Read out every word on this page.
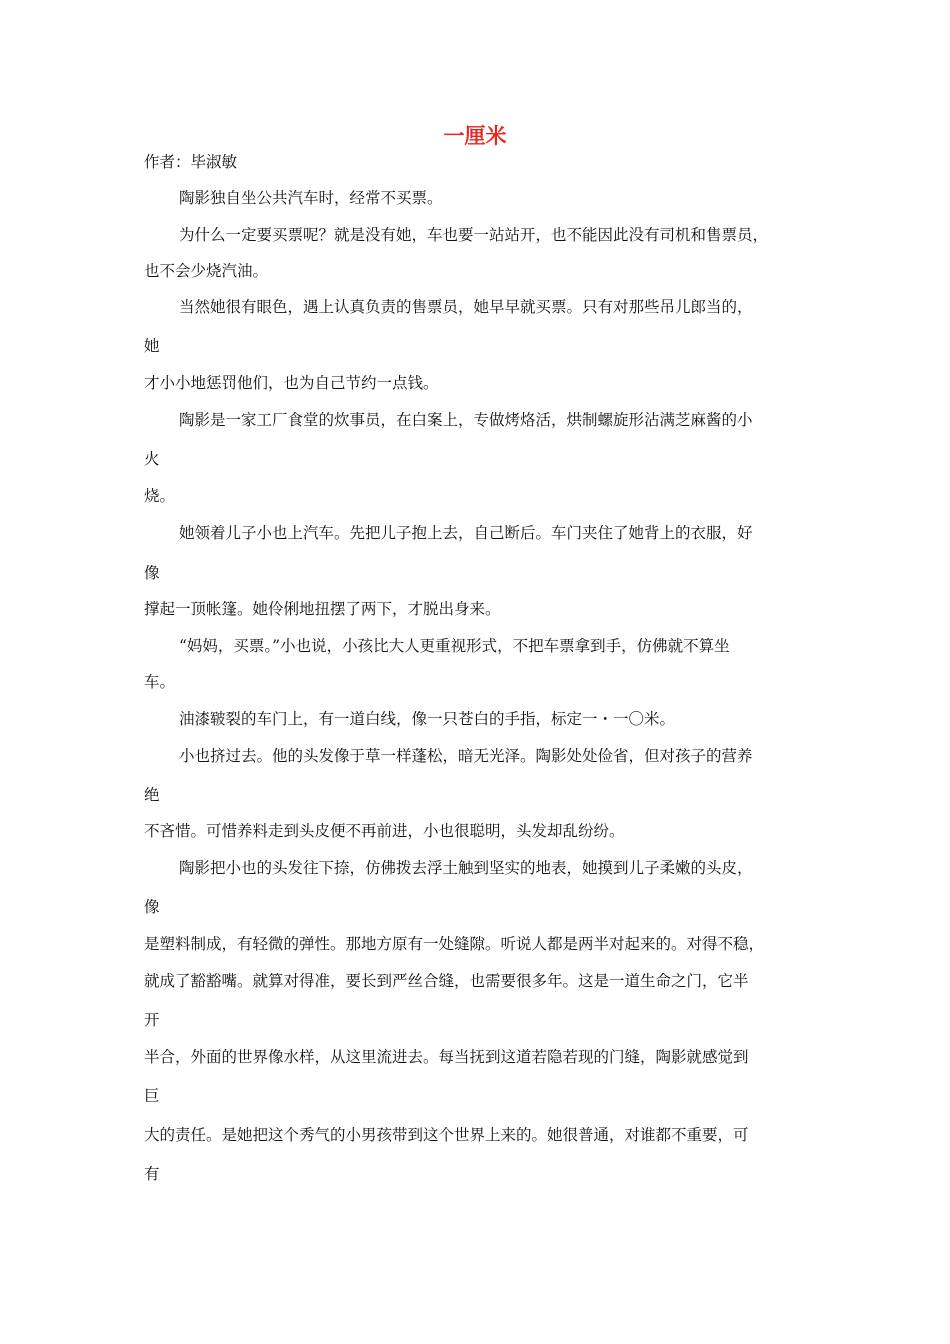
一厘米
作者：毕淑敏
陶影独自坐公共汽车时，经常不买票。
为什么一定要买票呢？就是没有她，车也要一站站开，也不能因此没有司机和售票员，
也不会少烧汽油。
当然她很有眼色，遇上认真负责的售票员，她早早就买票。只有对那些吊儿郎当的，
她
才小小地惩罚他们，也为自己节约一点钱。
陶影是一家工厂食堂的炊事员，在白案上，专做烤烙活，烘制螺旋形沾满芝麻酱的小
火
烧。
她领着儿子小也上汽车。先把儿子抱上去，自己断后。车门夹住了她背上的衣服，好
像
撑起一顶帐篷。她伶俐地扭摆了两下，才脱出身来。
“妈妈，买票。”小也说，小孩比大人更重视形式，不把车票拿到手，仿佛就不算坐
车。
油漆皲裂的车门上，有一道白线，像一只苍白的手指，标定一・一〇米。
小也挤过去。他的头发像于草一样蓬松，暗无光泽。陶影处处俭省，但对孩子的营养
绝
不吝惜。可惜养料走到头皮便不再前进，小也很聪明，头发却乱纷纷。
陶影把小也的头发往下捺，仿佛拨去浮土触到坚实的地表，她摸到儿子柔嫩的头皮，
像
是塑料制成，有轻微的弹性。那地方原有一处缝隙。听说人都是两半对起来的。对得不稳，
就成了豁豁嘴。就算对得准，要长到严丝合缝，也需要很多年。这是一道生命之门，它半
开
半合，外面的世界像水样，从这里流进去。每当抚到这道若隐若现的门缝，陶影就感觉到
巨
大的责任。是她把这个秀气的小男孩带到这个世界上来的。她很普通，对谁都不重要，可
有
